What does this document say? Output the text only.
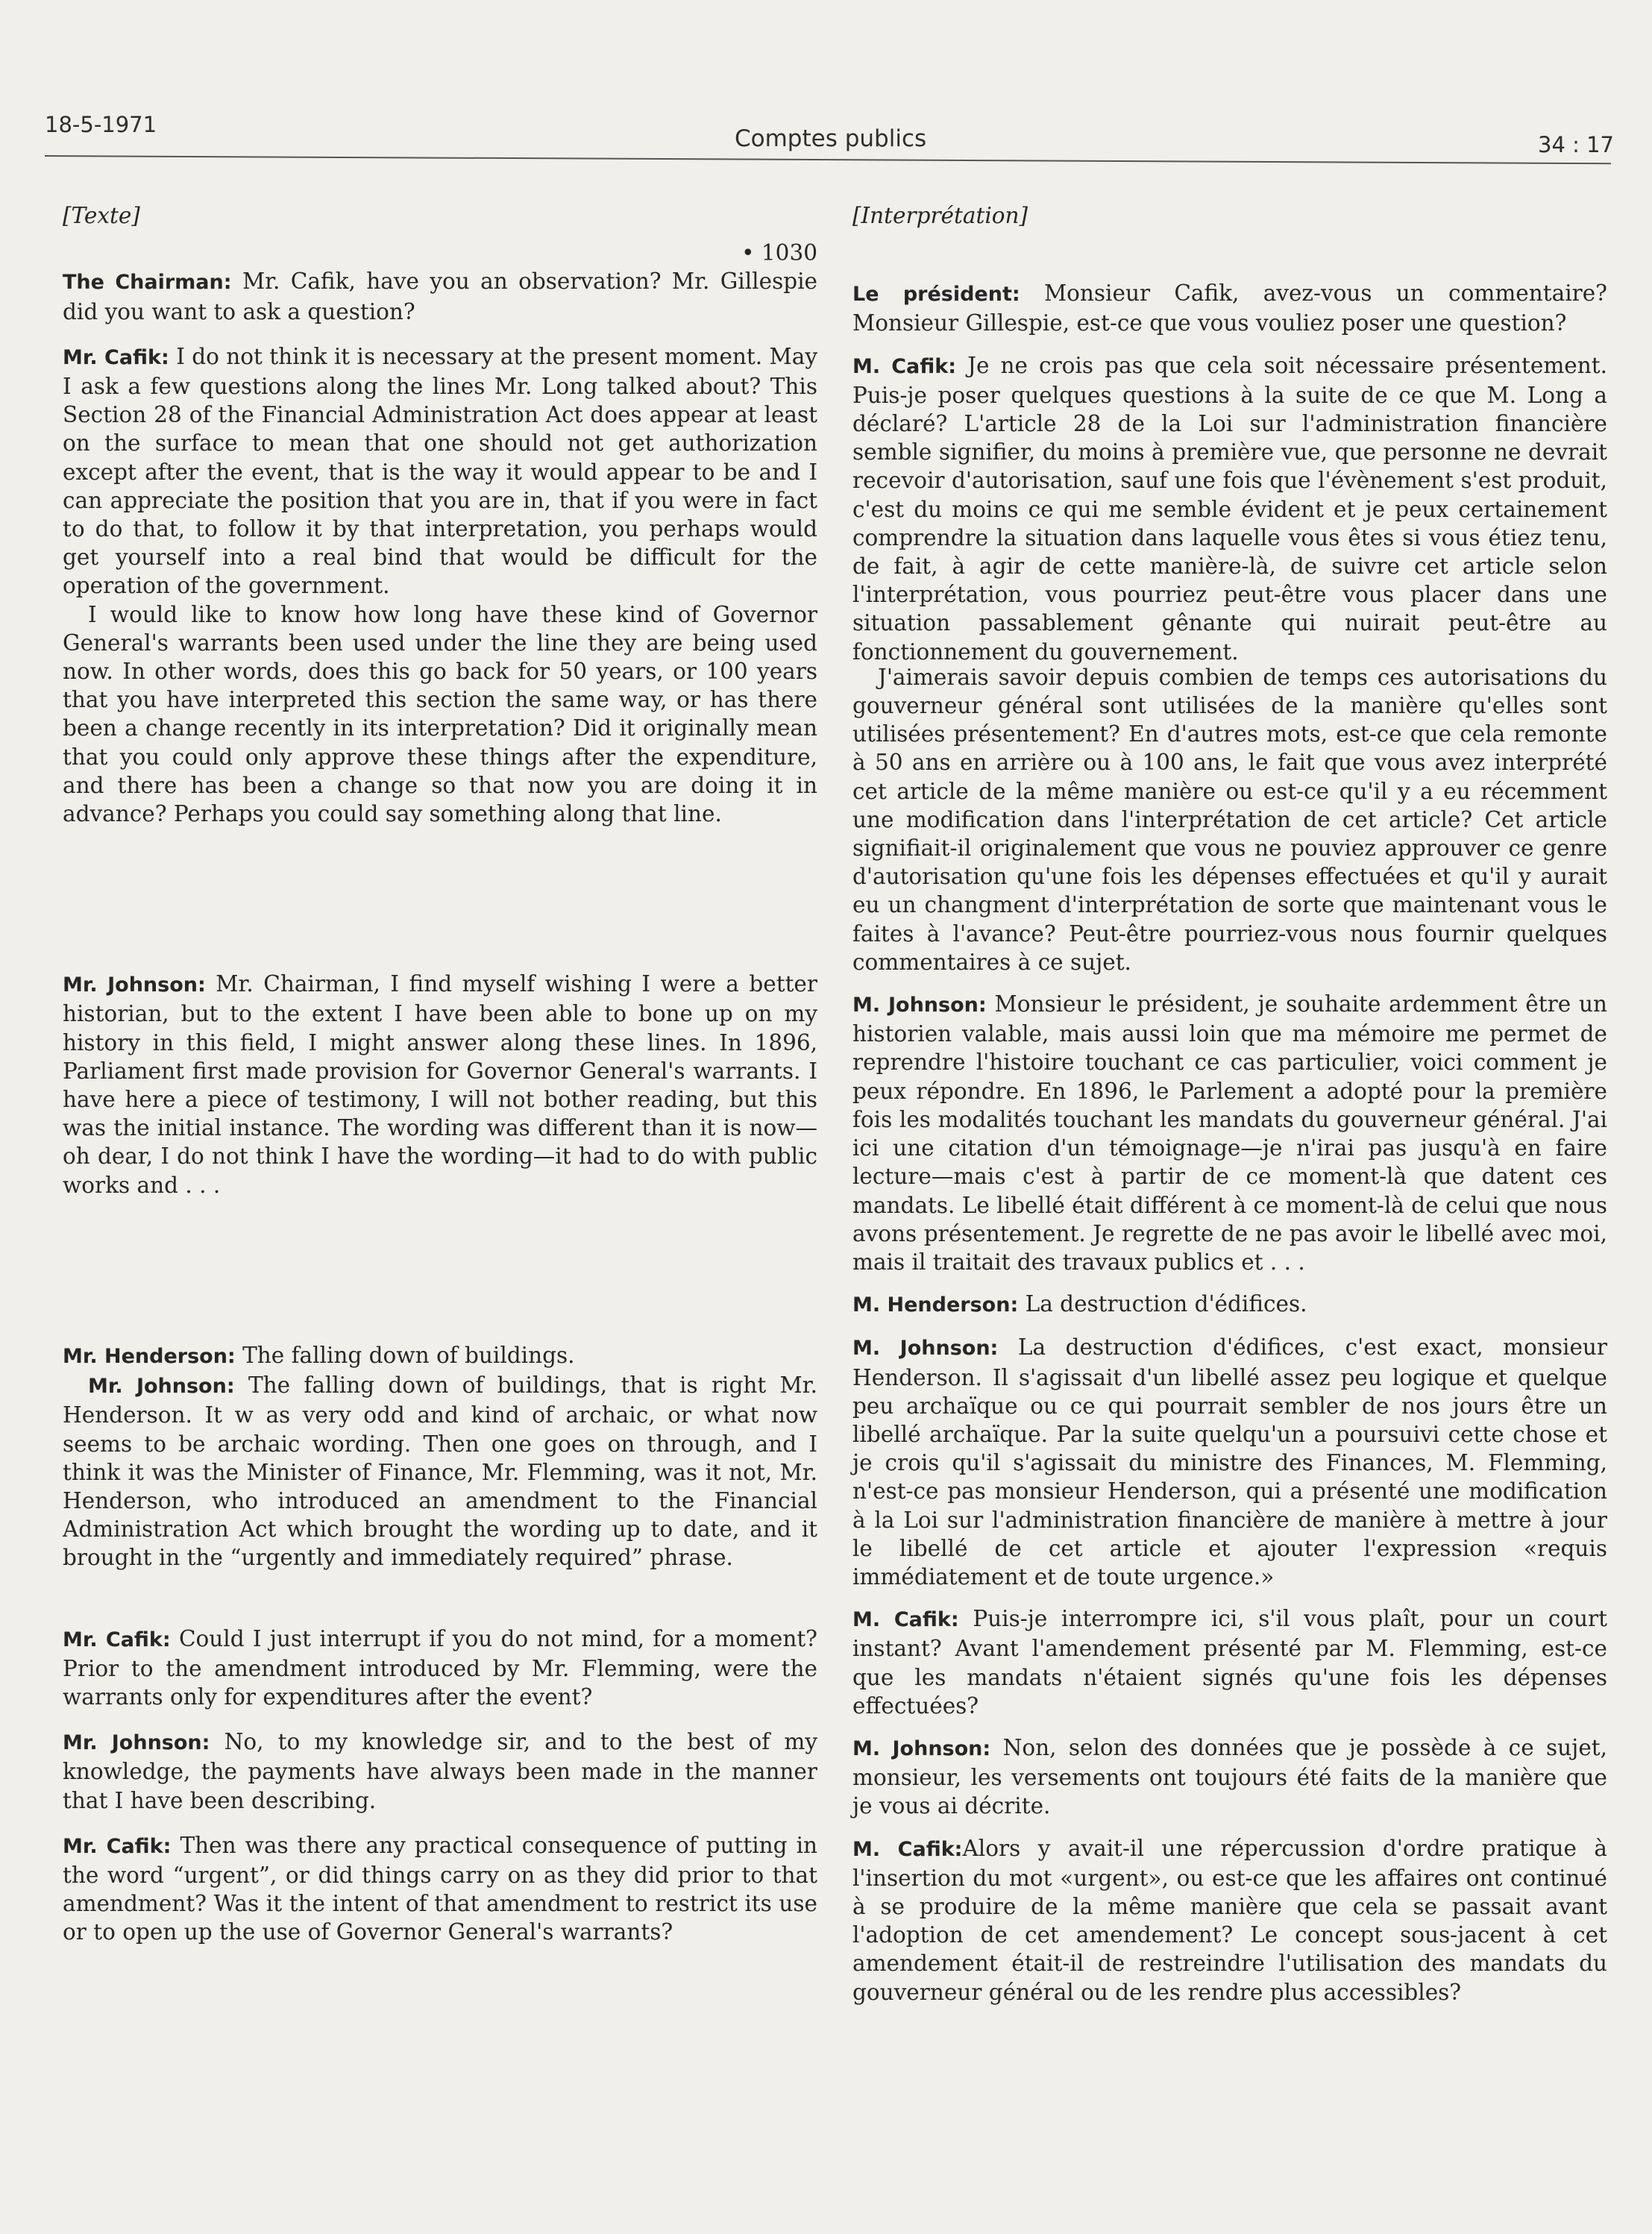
18-5-1971
Comptes publics	34 : 17

[Texte]

• 1030

The Chairman: Mr. Cafik, have you an observation? Mr. Gillespie did you want to ask a question?

Mr. Cafik: I do not think it is necessary at the present moment. May I ask a few questions along the lines Mr. Long talked about? This Section 28 of the Financial Administration Act does appear at least on the surface to mean that one should not get authorization except after the event, that is the way it would appear to be and I can appreciate the position that you are in, that if you were in fact to do that, to follow it by that interpretation, you perhaps would get yourself into a real bind that would be difficult for the operation of the government.

I would like to know how long have these kind of Governor General's warrants been used under the line they are being used now. In other words, does this go back for 50 years, or 100 years that you have interpreted this section the same way, or has there been a change recently in its interpretation? Did it originally mean that you could only approve these things after the expenditure, and there has been a change so that now you are doing it in advance? Perhaps you could say something along that line.

Mr. Johnson: Mr. Chairman, I find myself wishing I were a better historian, but to the extent I have been able to bone up on my history in this field, I might answer along these lines. In 1896, Parliament first made provision for Governor General's warrants. I have here a piece of testimony, I will not bother reading, but this was the initial instance. The wording was different than it is now—oh dear, I do not think I have the wording—it had to do with public works and . . .

Mr. Henderson: The falling down of buildings.

Mr. Johnson: The falling down of buildings, that is right Mr. Henderson. It w as very odd and kind of archaic, or what now seems to be archaic wording. Then one goes on through, and I think it was the Minister of Finance, Mr. Flemming, was it not, Mr. Henderson, who introduced an amendment to the Financial Administration Act which brought the wording up to date, and it brought in the “urgently and immediately required” phrase.

Mr. Cafik: Could I just interrupt if you do not mind, for a moment? Prior to the amendment introduced by Mr. Flemming, were the warrants only for expenditures after the event?

Mr. Johnson: No, to my knowledge sir, and to the best of my knowledge, the payments have always been made in the manner that I have been describing.

Mr. Cafik: Then was there any practical consequence of putting in the word “urgent”, or did things carry on as they did prior to that amendment? Was it the intent of that amendment to restrict its use or to open up the use of Governor General's warrants?

[Interprétation]

Le président: Monsieur Cafik, avez-vous un commentaire? Monsieur Gillespie, est-ce que vous vouliez poser une question?

M. Cafik: Je ne crois pas que cela soit nécessaire présentement. Puis-je poser quelques questions à la suite de ce que M. Long a déclaré? L'article 28 de la Loi sur l'administration financière semble signifier, du moins à première vue, que personne ne devrait recevoir d'autorisation, sauf une fois que l'évènement s'est produit, c'est du moins ce qui me semble évident et je peux certainement comprendre la situation dans laquelle vous êtes si vous étiez tenu, de fait, à agir de cette manière-là, de suivre cet article selon l'interprétation, vous pourriez peut-être vous placer dans une situation passablement gênante qui nuirait peut-être au fonctionnement du gouvernement.

J'aimerais savoir depuis combien de temps ces autorisations du gouverneur général sont utilisées de la manière qu'elles sont utilisées présentement? En d'autres mots, est-ce que cela remonte à 50 ans en arrière ou à 100 ans, le fait que vous avez interprété cet article de la même manière ou est-ce qu'il y a eu récemment une modification dans l'interprétation de cet article? Cet article signifiait-il originalement que vous ne pouviez approuver ce genre d'autorisation qu'une fois les dépenses effectuées et qu'il y aurait eu un changment d'interprétation de sorte que maintenant vous le faites à l'avance? Peut-être pourriez-vous nous fournir quelques commentaires à ce sujet.

M. Johnson: Monsieur le président, je souhaite ardemment être un historien valable, mais aussi loin que ma mémoire me permet de reprendre l'histoire touchant ce cas particulier, voici comment je peux répondre. En 1896, le Parlement a adopté pour la première fois les modalités touchant les mandats du gouverneur général. J'ai ici une citation d'un témoignage—je n'irai pas jusqu'à en faire lecture—mais c'est à partir de ce moment-là que datent ces mandats. Le libellé était différent à ce moment-là de celui que nous avons présentement. Je regrette de ne pas avoir le libellé avec moi, mais il traitait des travaux publics et . . .

M. Henderson: La destruction d'édifices.

M. Johnson: La destruction d'édifices, c'est exact, monsieur Henderson. Il s'agissait d'un libellé assez peu logique et quelque peu archaïque ou ce qui pourrait sembler de nos jours être un libellé archaïque. Par la suite quelqu'un a poursuivi cette chose et je crois qu'il s'agissait du ministre des Finances, M. Flemming, n'est-ce pas monsieur Henderson, qui a présenté une modification à la Loi sur l'administration financière de manière à mettre à jour le libellé de cet article et ajouter l'expression «requis immédiatement et de toute urgence.»

M. Cafik: Puis-je interrompre ici, s'il vous plaît, pour un court instant? Avant l'amendement présenté par M. Flemming, est-ce que les mandats n'étaient signés qu'une fois les dépenses effectuées?

M. Johnson: Non, selon des données que je possède à ce sujet, monsieur, les versements ont toujours été faits de la manière que je vous ai décrite.

M. Cafik:Alors y avait-il une répercussion d'ordre pratique à l'insertion du mot «urgent», ou est-ce que les affaires ont continué à se produire de la même manière que cela se passait avant l'adoption de cet amendement? Le concept sous-jacent à cet amendement était-il de restreindre l'utilisation des mandats du gouverneur général ou de les rendre plus accessibles?
